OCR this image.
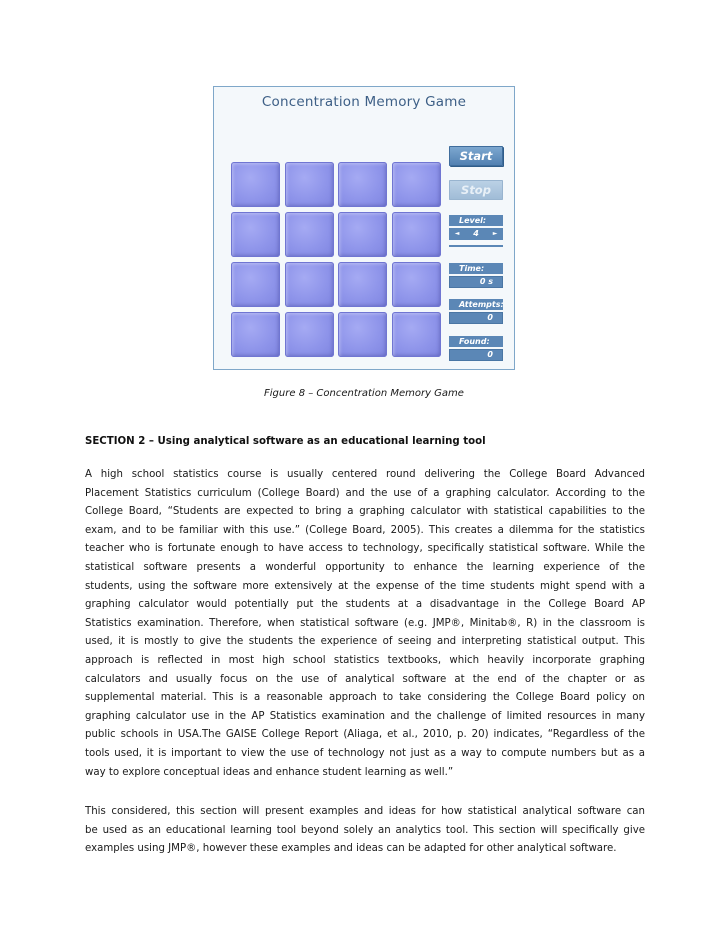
Concentration Memory Game
Start
Stop
Level:
◄	4	►
Time:
0 s
Attempts:
0
Found:
0
Figure 8 – Concentration Memory Game
SECTION 2 – Using analytical software as an educational learning tool
A high school statistics course is usually centered round delivering the College Board Advanced
Placement Statistics curriculum (College Board) and the use of a graphing calculator. According to the
College Board, “Students are expected to bring a graphing calculator with statistical capabilities to the
exam, and to be familiar with this use.” (College Board, 2005). This creates a dilemma for the statistics
teacher who is fortunate enough to have access to technology, specifically statistical software. While the
statistical software presents a wonderful opportunity to enhance the learning experience of the
students, using the software more extensively at the expense of the time students might spend with a
graphing calculator would potentially put the students at a disadvantage in the College Board AP
Statistics examination. Therefore, when statistical software (e.g. JMP®, Minitab®, R) in the classroom is
used, it is mostly to give the students the experience of seeing and interpreting statistical output. This
approach is reflected in most high school statistics textbooks, which heavily incorporate graphing
calculators and usually focus on the use of analytical software at the end of the chapter or as
supplemental material. This is a reasonable approach to take considering the College Board policy on
graphing calculator use in the AP Statistics examination and the challenge of limited resources in many
public schools in USA.The GAISE College Report (Aliaga, et al., 2010, p. 20) indicates, “Regardless of the
tools used, it is important to view the use of technology not just as a way to compute numbers but as a
way to explore conceptual ideas and enhance student learning as well.”
This considered, this section will present examples and ideas for how statistical analytical software can
be used as an educational learning tool beyond solely an analytics tool. This section will specifically give
examples using JMP®, however these examples and ideas can be adapted for other analytical software.
